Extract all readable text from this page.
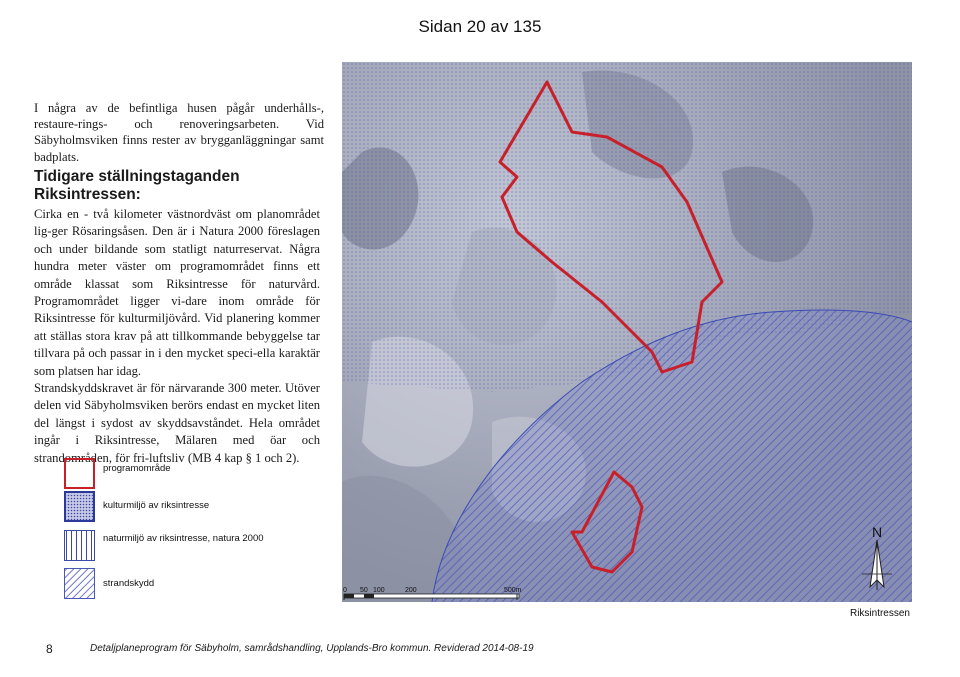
Sidan 20 av 135
I några av de befintliga husen pågår underhålls-, restaure-rings- och renoveringsarbeten. Vid Säbyholmsviken finns rester av brygganläggningar samt badplats.
Tidigare ställningstaganden
Riksintressen:

Cirka en - två kilometer västnordväst om planområdet lig-ger Rösaringsåsen. Den är i Natura 2000 föreslagen och under bildande som statligt naturreservat. Några hundra meter väster om programområdet finns ett område klassat som Riksintresse för naturvård. Programområdet ligger vi-dare inom område för Riksintresse för kulturmiljövård. Vid planering kommer att ställas stora krav på att tillkommande bebyggelse tar tillvara på och passar in i den mycket speci-ella karaktär som platsen har idag.

Strandskyddskravet är för närvarande 300 meter. Utöver delen vid Säbyholmsviken berörs endast en mycket liten del längst i sydost av skyddsavståndet. Hela området ingår i Riksintresse, Mälaren med öar och strandområden, för fri-luftsliv (MB 4 kap § 1 och 2).

programområde
kulturmiljö av riksintresse
naturmiljö av riksintresse, natura 2000
strandskydd
N
0 50 100	200	500m
Riksintressen
8	Detaljplaneprogram för Säbyholm, samrådshandling, Upplands-Bro kommun. Reviderad 2014-08-19
